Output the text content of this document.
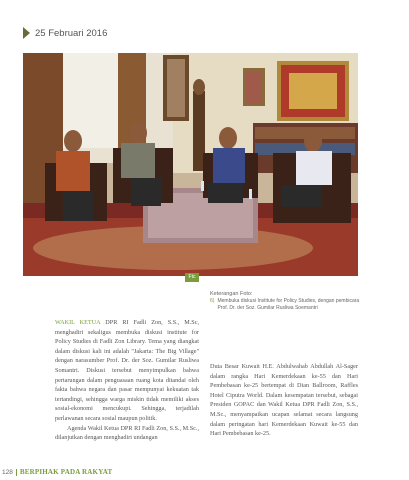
25 Februari 2016
Ftc
Keterangan Foto:
6) Membuka diskusi Institute for Policy Studies, dengan pembicara Prof. Dr. der Soz. Gumilar Rusliwa Soemantri

WAKIL KETUA DPR RI Fadli Zon, S.S., M.Sc, menghadiri sekaligus membuka diskusi institute for Policy Studies di Fadli Zon Library. Tema yang diangkat dalam diskusi kali ini adalah "Jakarta: The Big Village" dengan narasumber Prof. Dr. der Soz. Gumilar Rusliwa Somantri. Diskusi tersebut menyimpulkan bahwa pertarungan dalam penguasaan ruang kota ditandai oleh fakta bahwa negara dan pasar mempunyai kekuatan tak tertandingi, sehingga warga miskin tidak memiliki akses sosial-ekonomi mencukupi. Sehingga, terjadilah perlawanan secara sosial maupun politik.

Agenda Wakil Ketua DPR RI Fadli Zon, S.S., M.Sc., dilanjutkan dengan menghadiri undangan

Duta Besar Kuwait H.E. Abdulwahab Abdullah Al-Sager dalam rangka Hari Kemerdekaan ke-55 dan Hari Pembebasan ke-25 bertempat di Dian Ballroom, Raffles Hotel Ciputra World. Dalam kesempatan tersebut, sebagai Presiden GOPAC dan Wakil Ketua DPR Fadli Zon, S.S., M.Sc., menyampaikan ucapan selamat secara langsung dalam peringatan hari Kemerdekaan Kuwait ke-55 dan Hari Pembebasan ke-25.

128 BERPIHAK PADA RAKYAT
